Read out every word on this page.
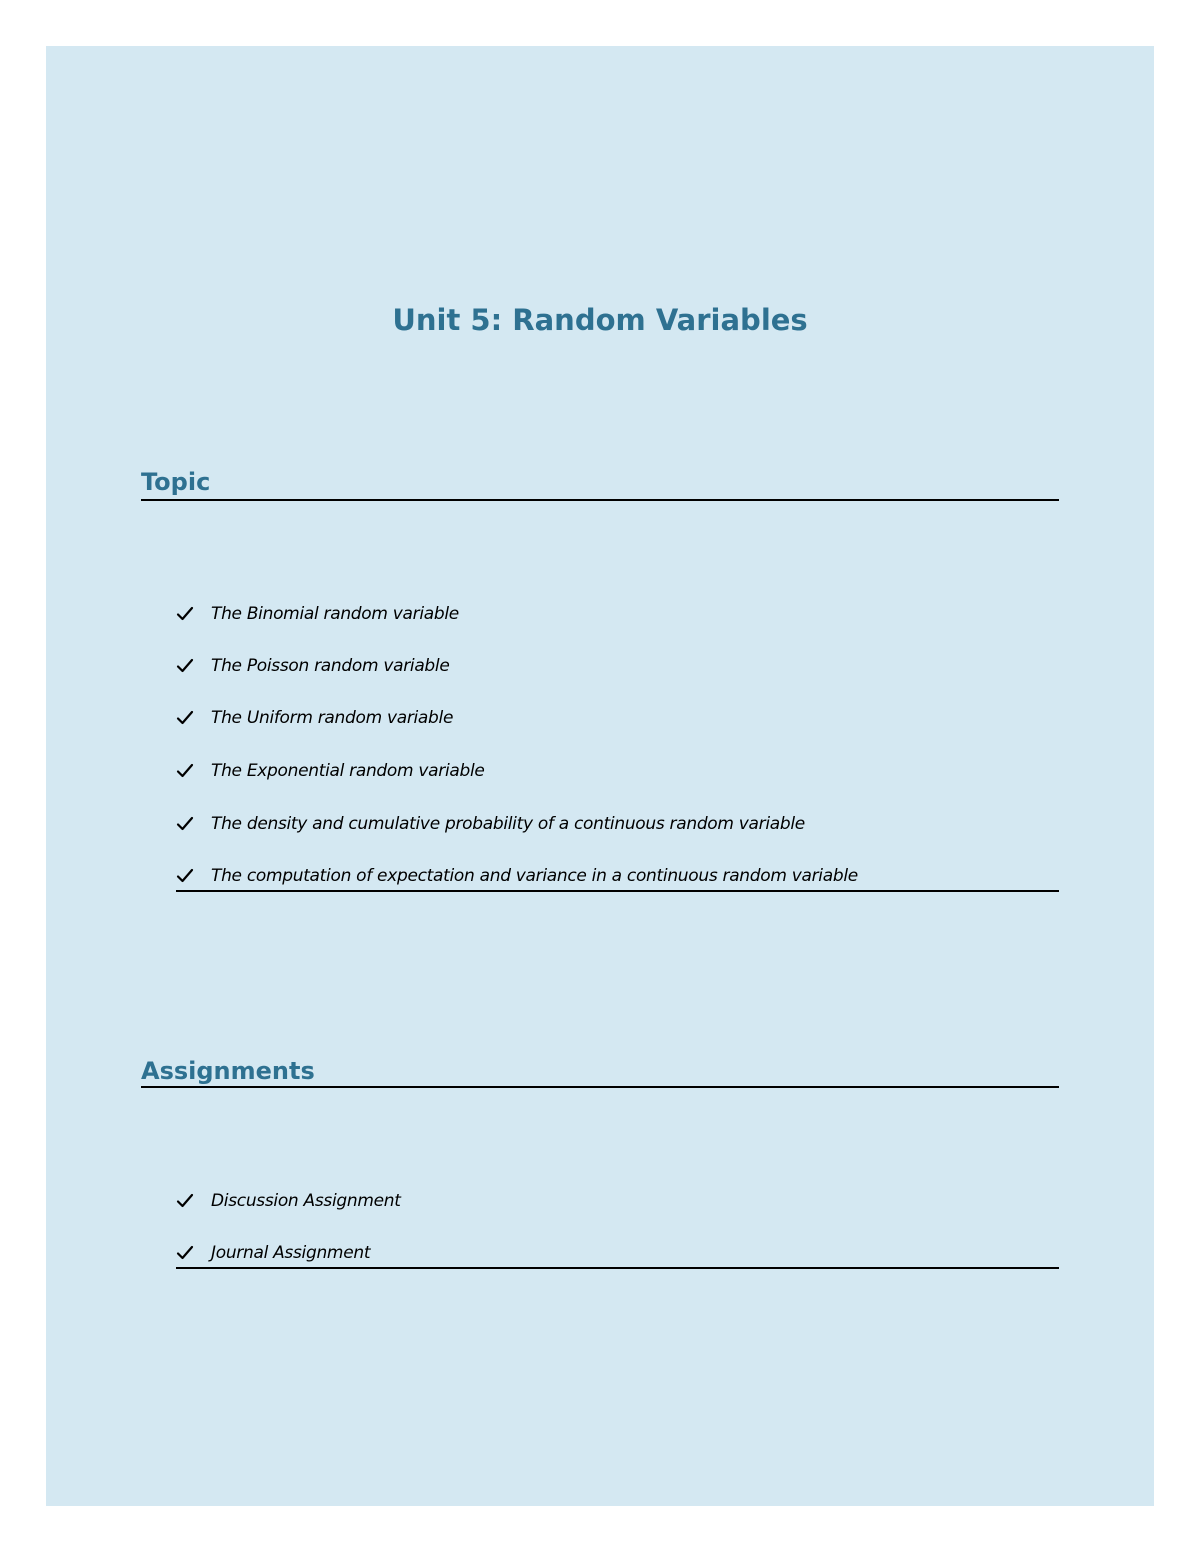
Unit 5: Random Variables
Topic
The Binomial random variable
The Poisson random variable
The Uniform random variable
The Exponential random variable
The density and cumulative probability of a continuous random variable
The computation of expectation and variance in a continuous random variable
Assignments
Discussion Assignment
Journal Assignment
